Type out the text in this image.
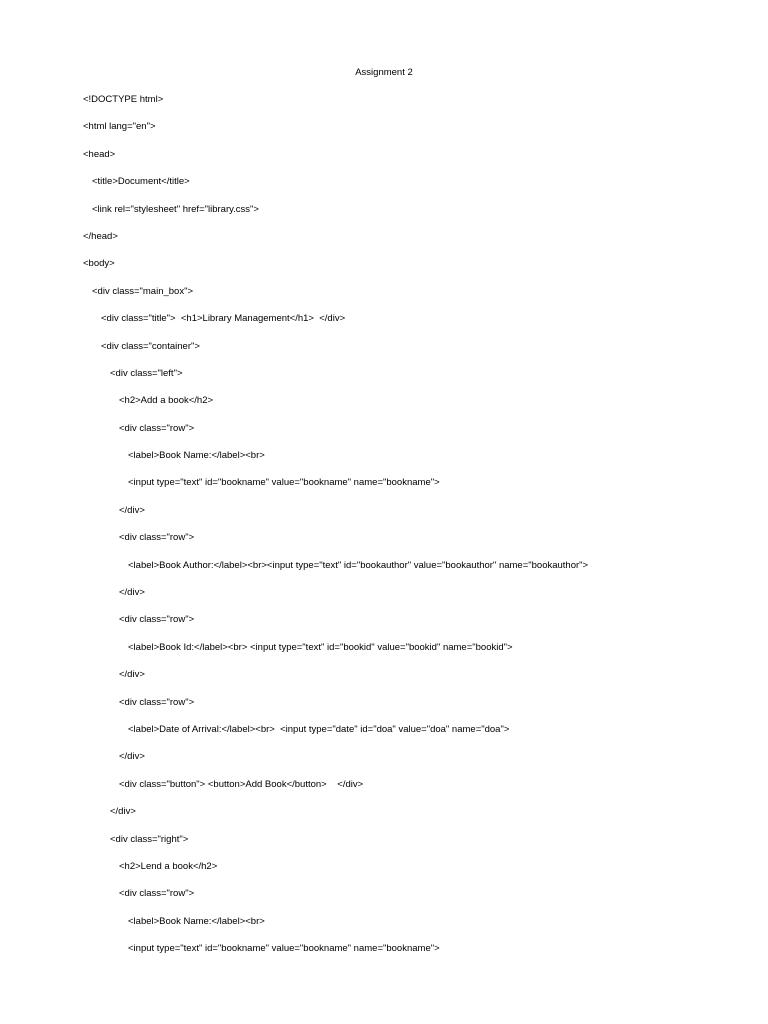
Assignment 2
<!DOCTYPE html>
<html lang="en">
<head>
<title>Document</title>
<link rel="stylesheet" href="library.css">
</head>
<body>
<div class="main_box">
<div class="title">  <h1>Library Management</h1>  </div>
<div class="container">
<div class="left">
<h2>Add a book</h2>
<div class="row">
<label>Book Name:</label><br>
<input type="text" id="bookname" value="bookname" name="bookname">
</div>
<div class="row">
<label>Book Author:</label><br><input type="text" id="bookauthor" value="bookauthor" name="bookauthor">
</div>
<div class="row">
<label>Book Id:</label><br> <input type="text" id="bookid" value="bookid" name="bookid">
</div>
<div class="row">
<label>Date of Arrival:</label><br>  <input type="date" id="doa" value="doa" name="doa">
</div>
<div class="button"> <button>Add Book</button>    </div>
</div>
<div class="right">
<h2>Lend a book</h2>
<div class="row">
<label>Book Name:</label><br>
<input type="text" id="bookname" value="bookname" name="bookname">
